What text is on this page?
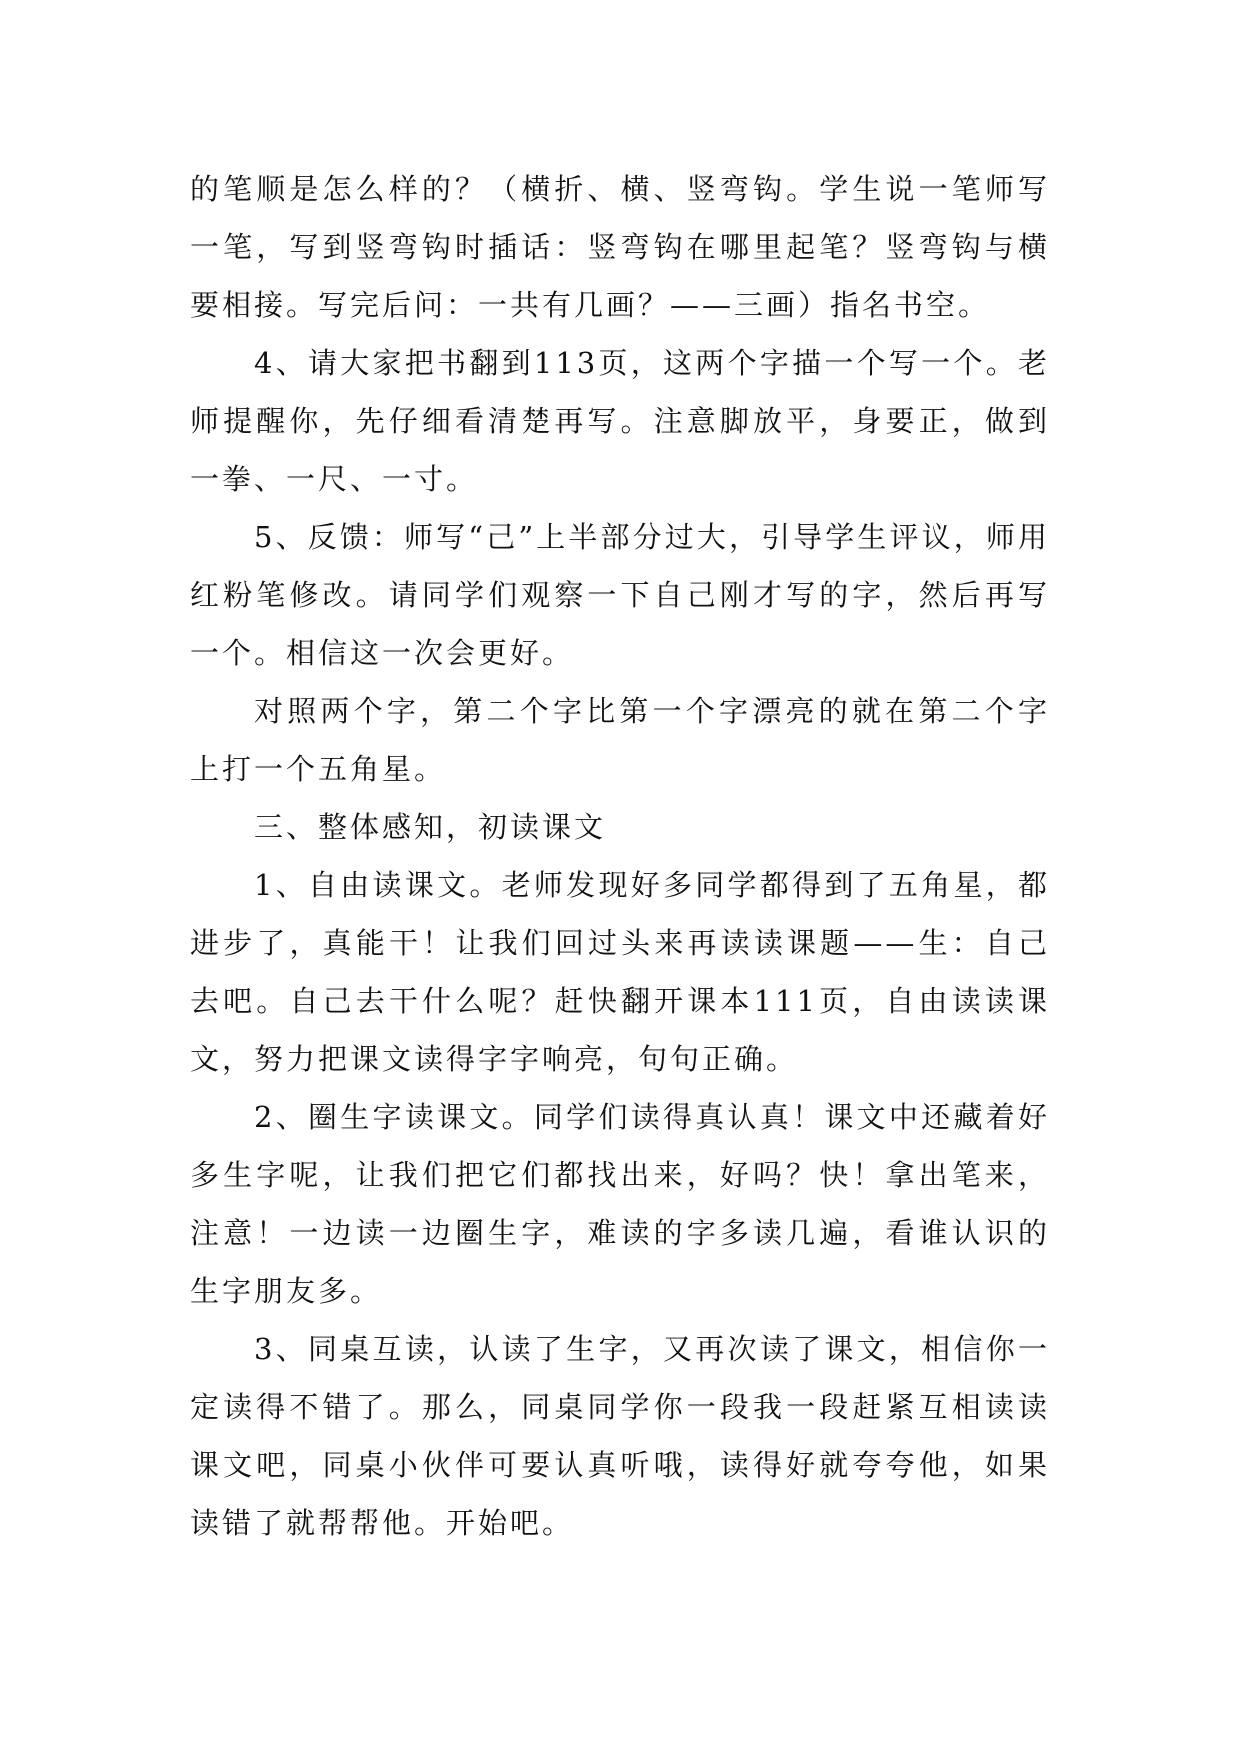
的笔顺是怎么样的？（横折、横、竖弯钩。学生说一笔师写一笔，写到竖弯钩时插话：竖弯钩在哪里起笔？竖弯钩与横要相接。写完后问：一共有几画？——三画）指名书空。

4、请大家把书翻到113页，这两个字描一个写一个。老师提醒你，先仔细看清楚再写。注意脚放平，身要正，做到一拳、一尺、一寸。

5、反馈：师写“己”上半部分过大，引导学生评议，师用红粉笔修改。请同学们观察一下自己刚才写的字，然后再写一个。相信这一次会更好。

对照两个字，第二个字比第一个字漂亮的就在第二个字上打一个五角星。

三、整体感知，初读课文

1、自由读课文。老师发现好多同学都得到了五角星，都进步了，真能干！让我们回过头来再读读课题——生：自己去吧。自己去干什么呢？赶快翻开课本111页，自由读读课文，努力把课文读得字字响亮，句句正确。

2、圈生字读课文。同学们读得真认真！课文中还藏着好多生字呢，让我们把它们都找出来，好吗？快！拿出笔来，注意！一边读一边圈生字，难读的字多读几遍，看谁认识的生字朋友多。

3、同桌互读，认读了生字，又再次读了课文，相信你一定读得不错了。那么，同桌同学你一段我一段赶紧互相读读课文吧，同桌小伙伴可要认真听哦，读得好就夸夸他，如果读错了就帮帮他。开始吧。
